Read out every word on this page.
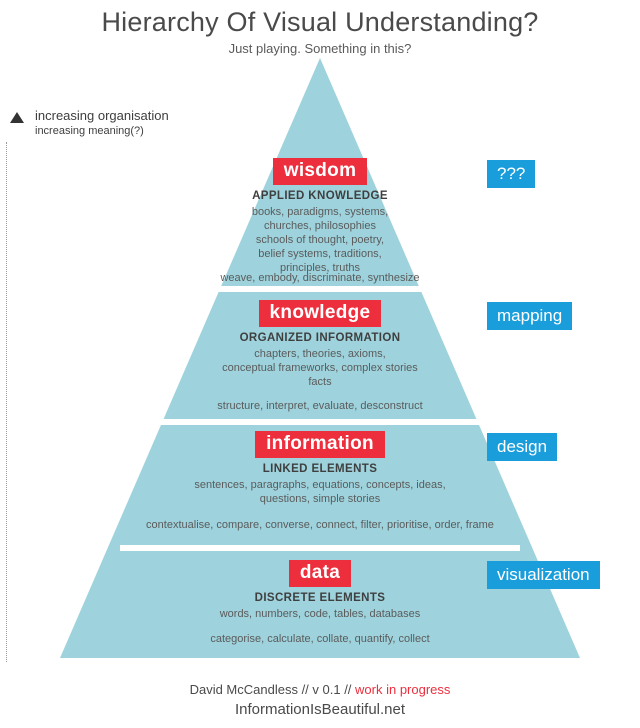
Hierarchy Of Visual Understanding?

Just playing. Something in this?

increasing organisation
increasing meaning(?)
wisdom
APPLIED KNOWLEDGE
books, paradigms, systems,
churches, philosophies
schools of thought, poetry,
belief systems, traditions,
principles, truths
weave, embody, discriminate, synthesize
knowledge
ORGANIZED INFORMATION
chapters, theories, axioms,
conceptual frameworks, complex stories
facts
structure, interpret, evaluate, desconstruct
information
LINKED ELEMENTS
sentences, paragraphs, equations, concepts, ideas,
questions, simple stories
contextualise, compare, converse, connect, filter, prioritise, order, frame
data
DISCRETE ELEMENTS
words, numbers, code, tables, databases
categorise, calculate, collate, quantify, collect
???
mapping
design
visualization
David McCandless // v 0.1 // work in progress
InformationIsBeautiful.net
